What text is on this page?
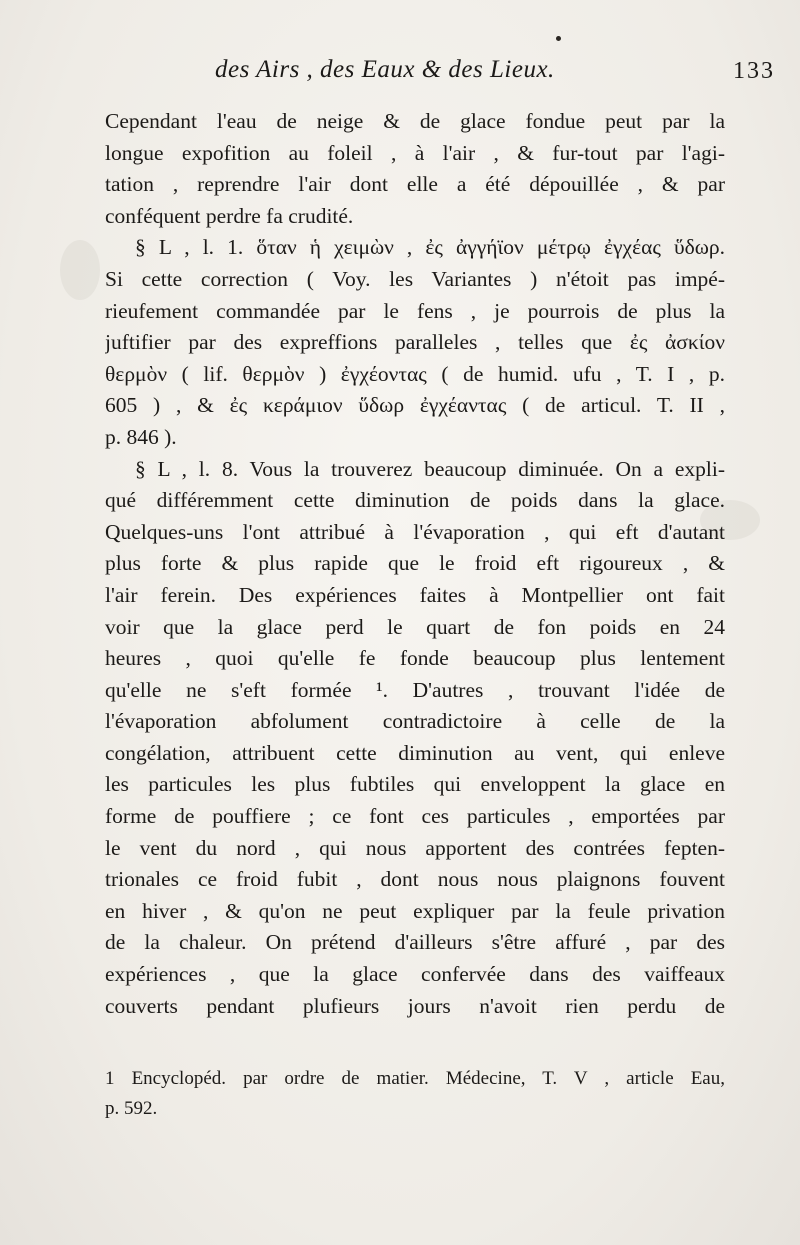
des Airs , des Eaux & des Lieux.	133
Cependant l'eau de neige & de glace fondue peut par la
longue expofition au foleil , à l'air , & fur-tout par l'agi-
tation , reprendre l'air dont elle a été dépouillée , & par
conféquent perdre fa crudité.
§ L , l. 1. ὅταν ἡ χειμὼν , ἐς ἀγγήϊον μέτρῳ ἐγχέας ὕδωρ.
Si cette correction ( Voy. les Variantes ) n'étoit pas impé-
rieufement commandée par le fens , je pourrois de plus la
juftifier par des expreffions paralleles , telles que ἐς ἀσκίον
θερμὸν ( lif. θερμὸν ) ἐγχέοντας ( de humid. ufu , T. I , p.
605 ) , & ἐς κεράμιον ὕδωρ ἐγχέαντας ( de articul. T. II ,
p. 846 ).
§ L , l. 8. Vous la trouverez beaucoup diminuée. On a expli-
qué différemment cette diminution de poids dans la glace.
Quelques-uns l'ont attribué à l'évaporation , qui eft d'autant
plus forte & plus rapide que le froid eft rigoureux , &
l'air ferein. Des expériences faites à Montpellier ont fait
voir que la glace perd le quart de fon poids en 24
heures , quoi qu'elle fe fonde beaucoup plus lentement
qu'elle ne s'eft formée ¹. D'autres , trouvant l'idée de
l'évaporation abfolument contradictoire à celle de la
congélation, attribuent cette diminution au vent, qui enleve
les particules les plus fubtiles qui enveloppent la glace en
forme de pouffiere ; ce font ces particules , emportées par
le vent du nord , qui nous apportent des contrées fepten-
trionales ce froid fubit , dont nous nous plaignons fouvent
en hiver , & qu'on ne peut expliquer par la feule privation
de la chaleur. On prétend d'ailleurs s'être affuré , par des
expériences , que la glace confervée dans des vaiffeaux
couverts pendant plufieurs jours n'avoit rien perdu de
1 Encyclopéd. par ordre de matier. Médecine, T. V , article Eau,
p. 592.
